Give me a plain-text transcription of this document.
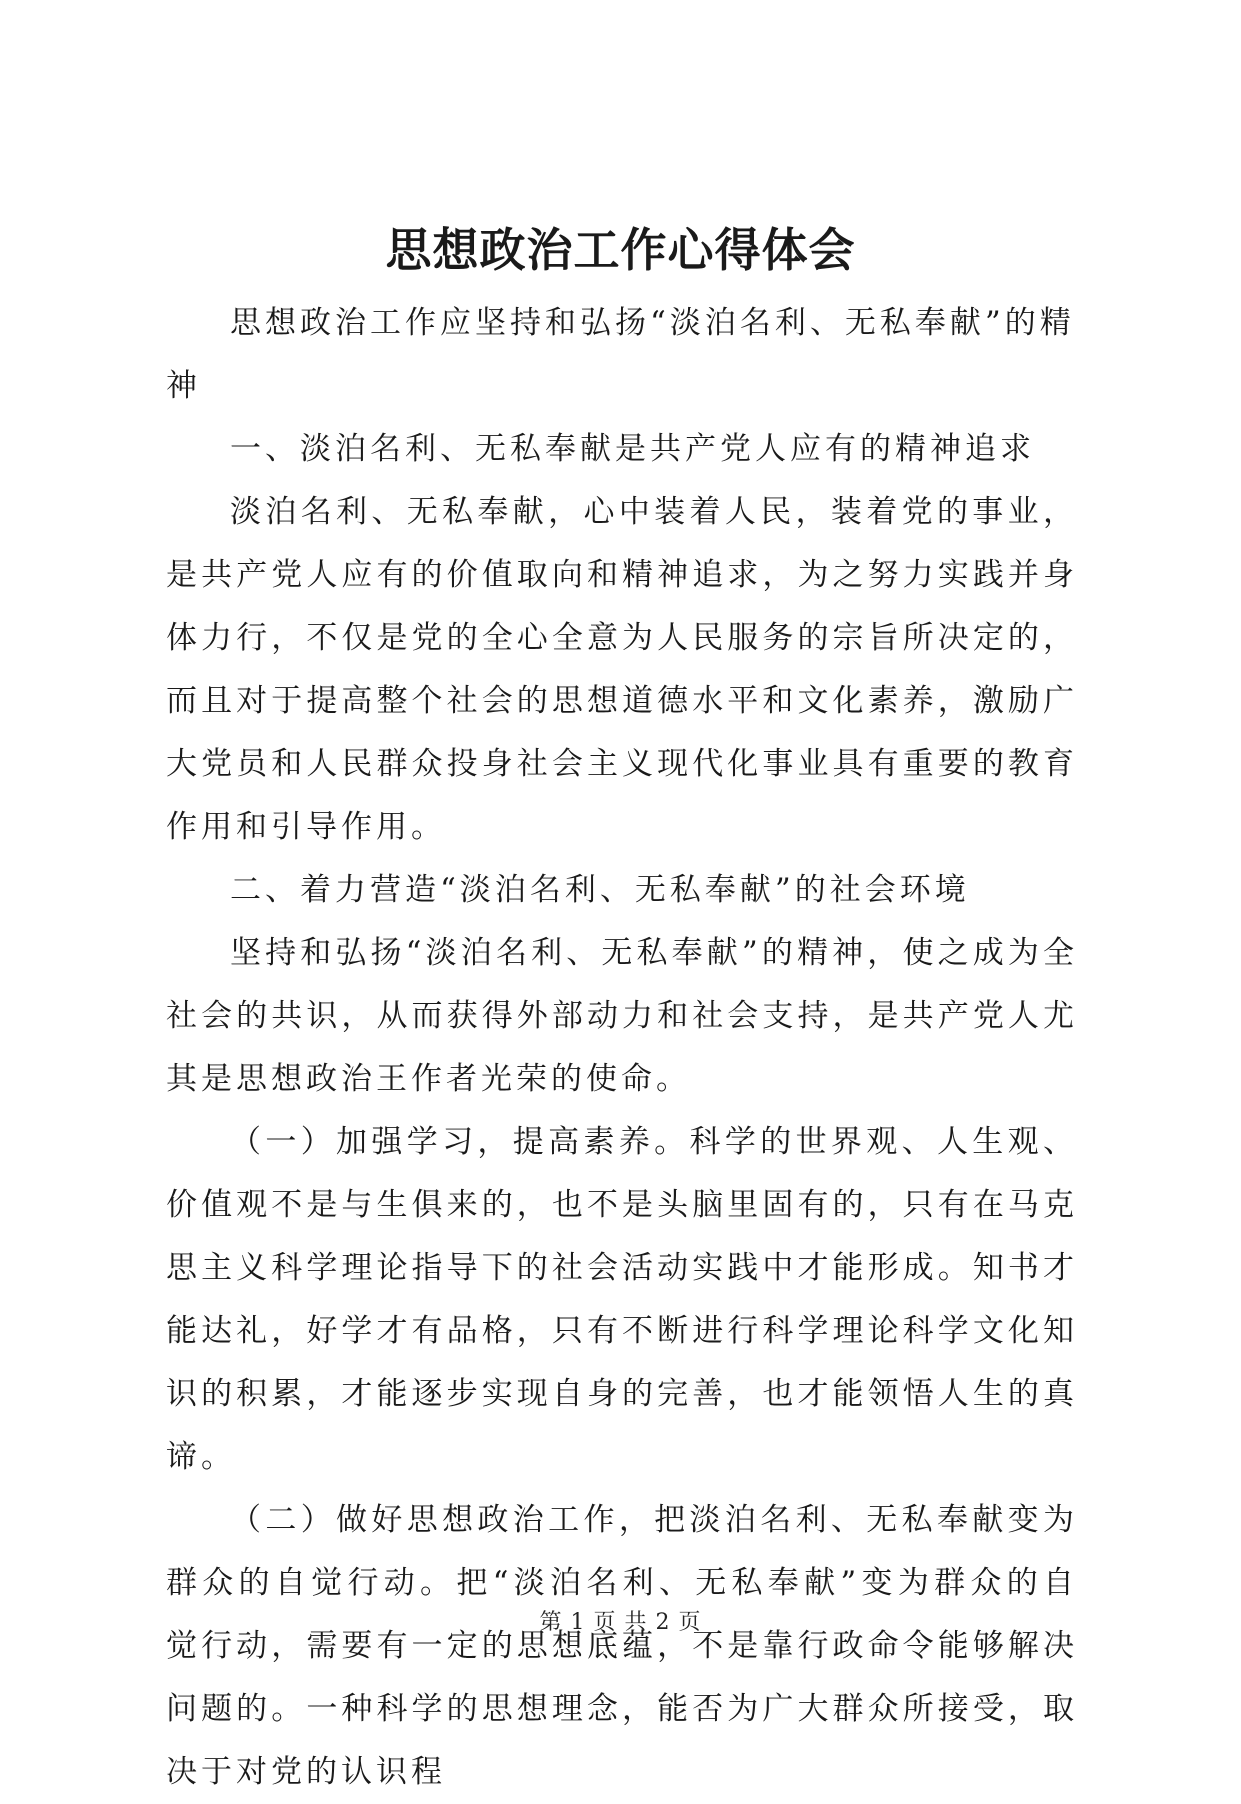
思想政治工作心得体会

思想政治工作应坚持和弘扬“淡泊名利、无私奉献”的精神

一、淡泊名利、无私奉献是共产党人应有的精神追求

淡泊名利、无私奉献，心中装着人民，装着党的事业，是共产党人应有的价值取向和精神追求，为之努力实践并身体力行，不仅是党的全心全意为人民服务的宗旨所决定的，而且对于提高整个社会的思想道德水平和文化素养，激励广大党员和人民群众投身社会主义现代化事业具有重要的教育作用和引导作用。

二、着力营造“淡泊名利、无私奉献”的社会环境

坚持和弘扬“淡泊名利、无私奉献”的精神，使之成为全社会的共识，从而获得外部动力和社会支持，是共产党人尤其是思想政治王作者光荣的使命。

（一）加强学习，提高素养。科学的世界观、人生观、价值观不是与生俱来的，也不是头脑里固有的，只有在马克思主义科学理论指导下的社会活动实践中才能形成。知书才能达礼，好学才有品格，只有不断进行科学理论科学文化知识的积累，才能逐步实现自身的完善，也才能领悟人生的真谛。

（二）做好思想政治工作，把淡泊名利、无私奉献变为群众的自觉行动。把“淡泊名利、无私奉献”变为群众的自觉行动，需要有一定的思想底蕴，不是靠行政命令能够解决问题的。一种科学的思想理念，能否为广大群众所接受，取决于对党的认识程

第 1 页 共 2 页
